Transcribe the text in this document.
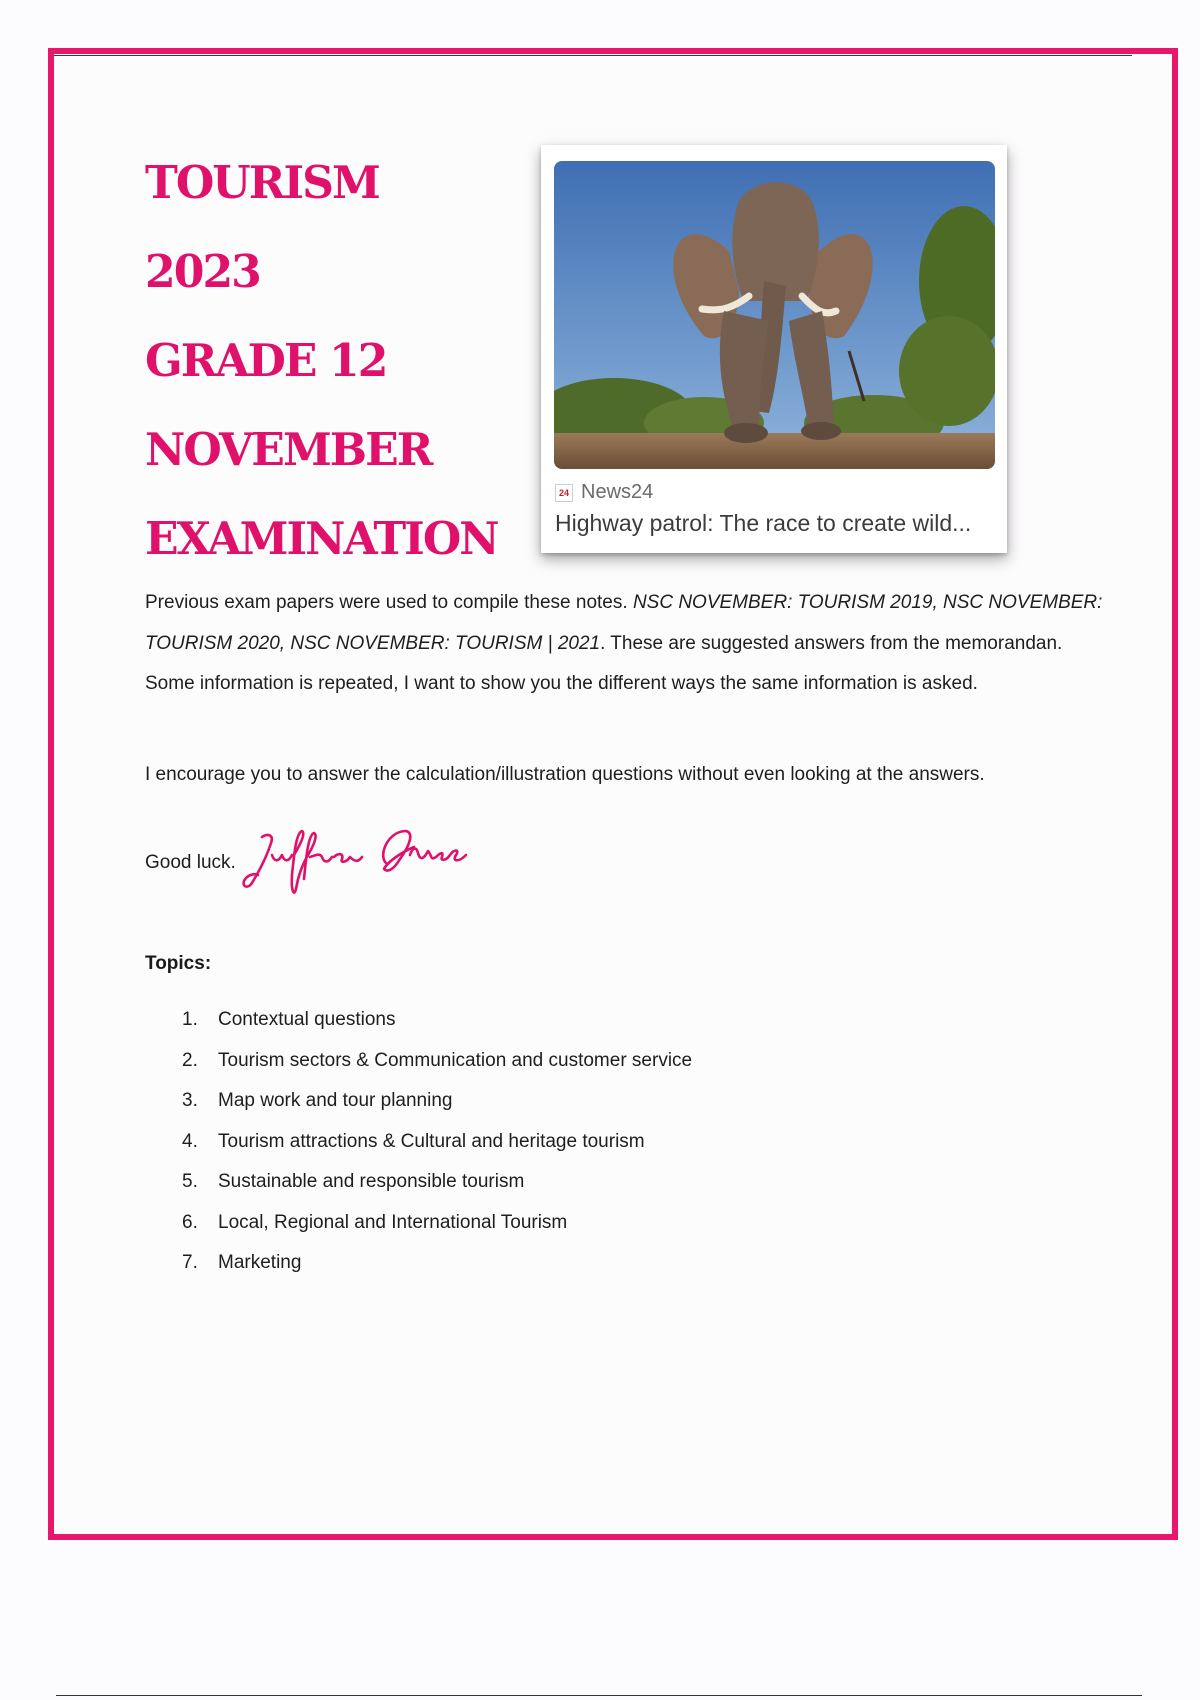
TOURISM

2023

GRADE 12

NOVEMBER

EXAMINATION

24 News24
Highway patrol: The race to create wild...

Previous exam papers were used to compile these notes. NSC NOVEMBER: TOURISM 2019, NSC NOVEMBER: TOURISM 2020, NSC NOVEMBER: TOURISM | 2021. These are suggested answers from the memorandan. Some information is repeated, I want to show you the different ways the same information is asked.

I encourage you to answer the calculation/illustration questions without even looking at the answers.

Good luck.

Topics:

1.	Contextual questions
2.	Tourism sectors & Communication and customer service
3.	Map work and tour planning
4.	Tourism attractions & Cultural and heritage tourism
5.	Sustainable and responsible tourism
6.	Local, Regional and International Tourism
7.	Marketing
